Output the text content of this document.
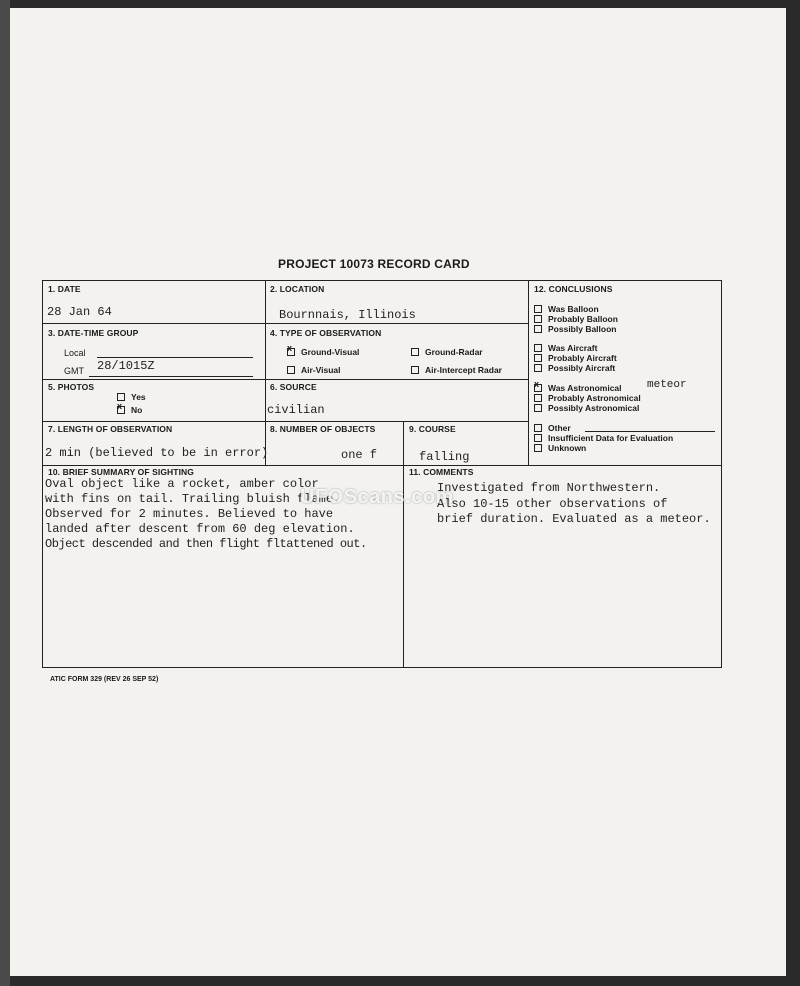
PROJECT 10073 RECORD CARD
1. DATE
28 Jan 64
2. LOCATION
Bournnais, Illinois
3. DATE-TIME GROUP
Local
GMT 28/1015Z
4. TYPE OF OBSERVATION
xGround-Visual	Ground-Radar
Air-Visual	Air-Intercept Radar
5. PHOTOS
Yes
xNo
6. SOURCE
civilian
7. LENGTH OF OBSERVATION
2 min (believed to be in error)
8. NUMBER OF OBJECTS
one f
9. COURSE
falling
12. CONCLUSIONS
Was Balloon
Probably Balloon
Possibly Balloon
Was Aircraft
Probably Aircraft
Possibly Aircraft
xWas Astronomical meteor
Probably Astronomical
Possibly Astronomical
Other
Insufficient Data for Evaluation
Unknown
10. BRIEF SUMMARY OF SIGHTING
Oval object like a rocket, amber color
with fins on tail. Trailing bluish flame.
Observed for 2 minutes. Believed to have
landed after descent from 60 deg elevation.
Object descended and then flight fltattened out.
11. COMMENTS
Investigated from Northwestern.
Also 10-15 other observations of
brief duration. Evaluated as a meteor.
UFOScans.com
ATIC FORM 329 (REV 26 SEP 52)
